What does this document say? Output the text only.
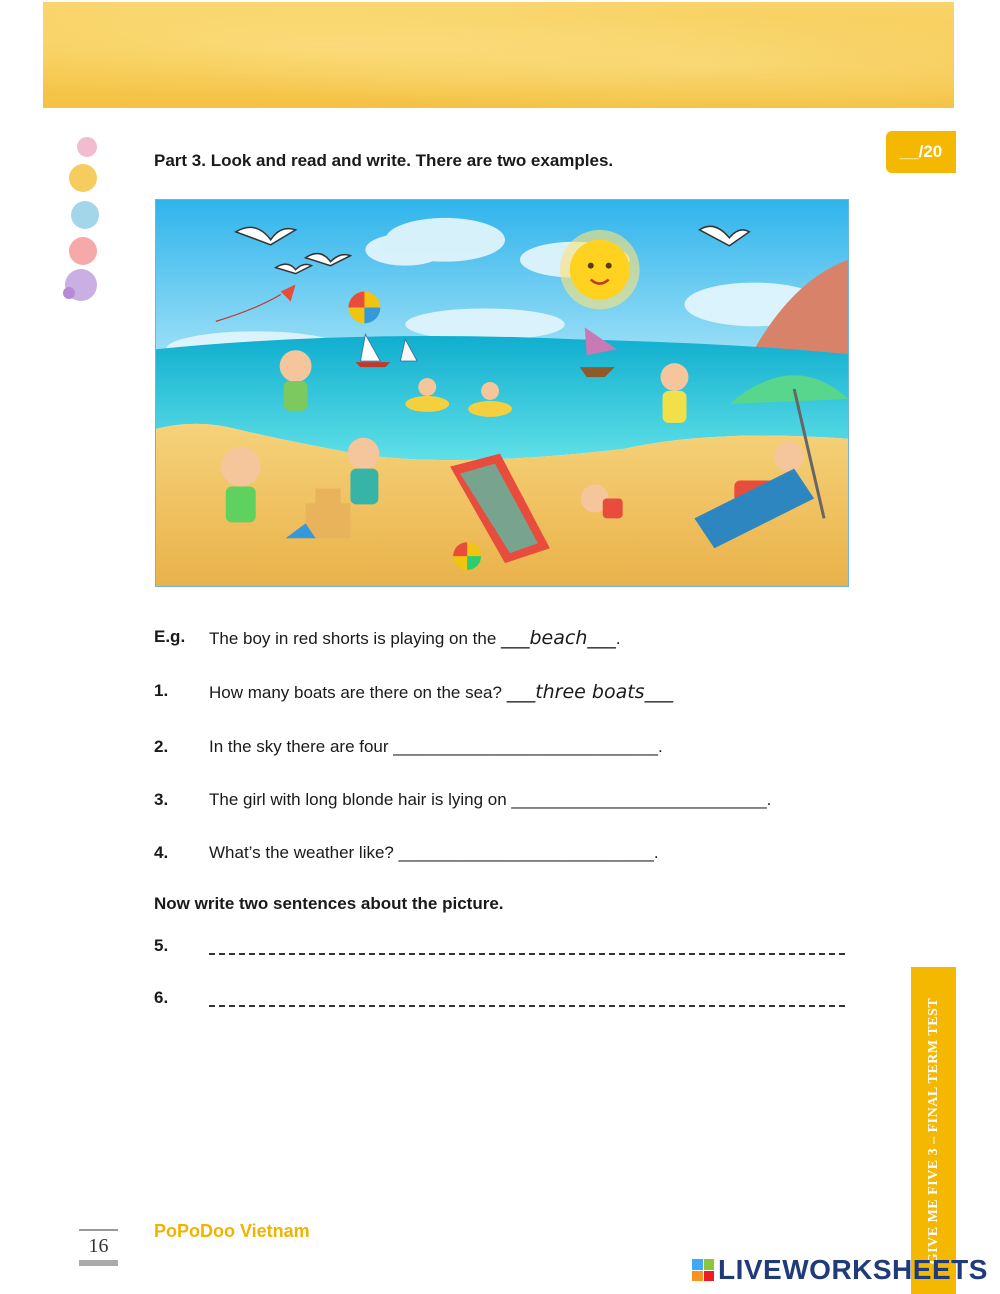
__/20
Part 3. Look and read and write. There are two examples.
E.g. The boy in red shorts is playing on the ___beach___.
1. How many boats are there on the sea? ___three boats___
2. In the sky there are four ____________________________.
3. The girl with long blonde hair is lying on ___________________________.
4. What’s the weather like? ___________________________.
Now write two sentences about the picture.
5.
6.
16
PoPoDoo Vietnam	GIVE ME FIVE 3 – FINAL TERM TEST
LIVEWORKSHEETS
